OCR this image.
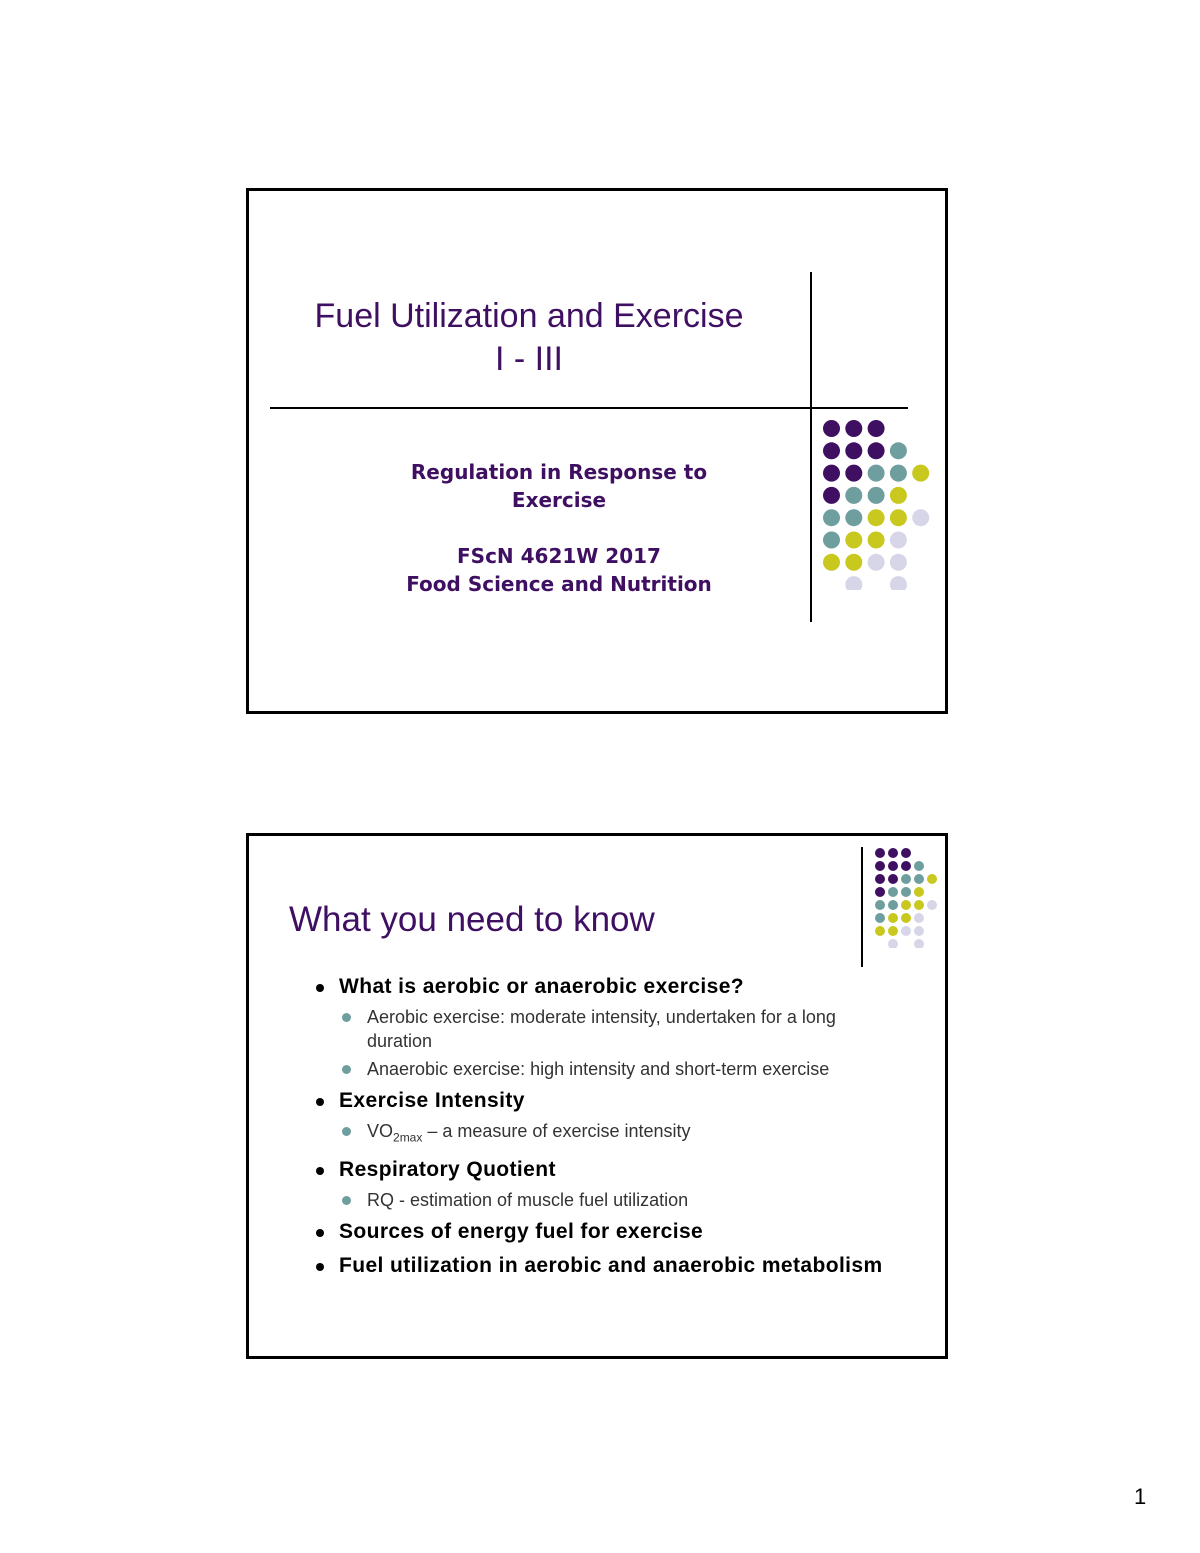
Fuel Utilization and Exercise
I - III
Regulation in Response to
Exercise
FScN 4621W 2017
Food Science and Nutrition
What you need to know
What is aerobic or anaerobic exercise?
Aerobic exercise: moderate intensity, undertaken for a long duration
Anaerobic exercise: high intensity and short-term exercise
Exercise Intensity
$VO_{2max}$ – a measure of exercise intensity
Respiratory Quotient
RQ - estimation of muscle fuel utilization
Sources of energy fuel for exercise
Fuel utilization in aerobic and anaerobic metabolism
1
